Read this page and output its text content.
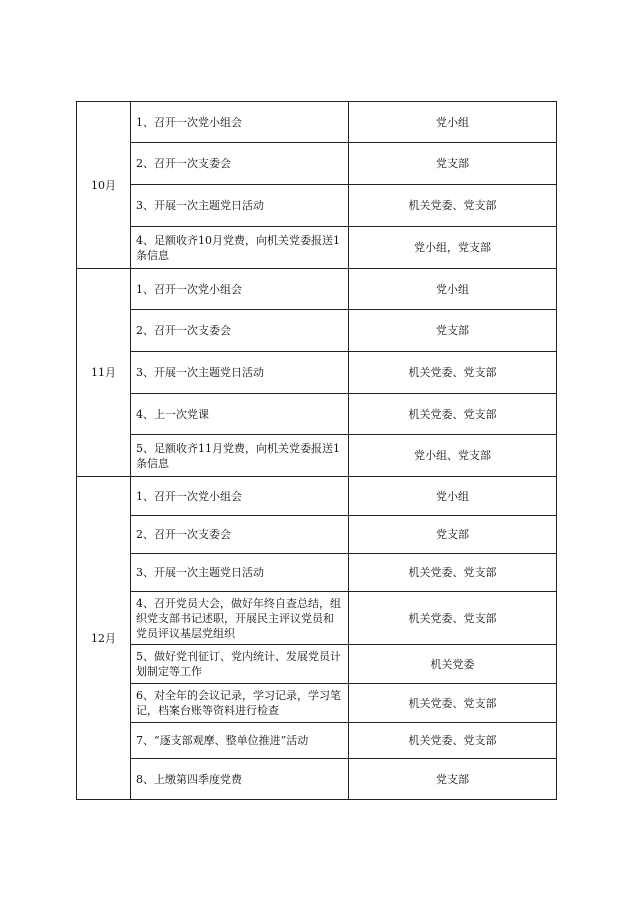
10月	1、召开一次党小组会	党小组
	2、召开一次支委会	党支部
	3、开展一次主题党日活动	机关党委、党支部
	4、足额收齐10月党费，向机关党委报送1条信息	党小组，党支部
11月	1、召开一次党小组会	党小组
	2、召开一次支委会	党支部
	3、开展一次主题党日活动	机关党委、党支部
	4、上一次党课	机关党委、党支部
	5、足额收齐11月党费，向机关党委报送1条信息	党小组、党支部
12月	1、召开一次党小组会	党小组
	2、召开一次支委会	党支部
	3、开展一次主题党日活动	机关党委、党支部
	4、召开党员大会，做好年终自查总结，组织党支部书记述职，开展民主评议党员和党员评议基层党组织	机关党委、党支部
	5、做好党刊征订、党内统计、发展党员计划制定等工作	机关党委
	6、对全年的会议记录，学习记录，学习笔记，档案台账等资料进行检查	机关党委、党支部
	7、“逐支部观摩、整单位推进”活动	机关党委、党支部
	8、上缴第四季度党费	党支部
